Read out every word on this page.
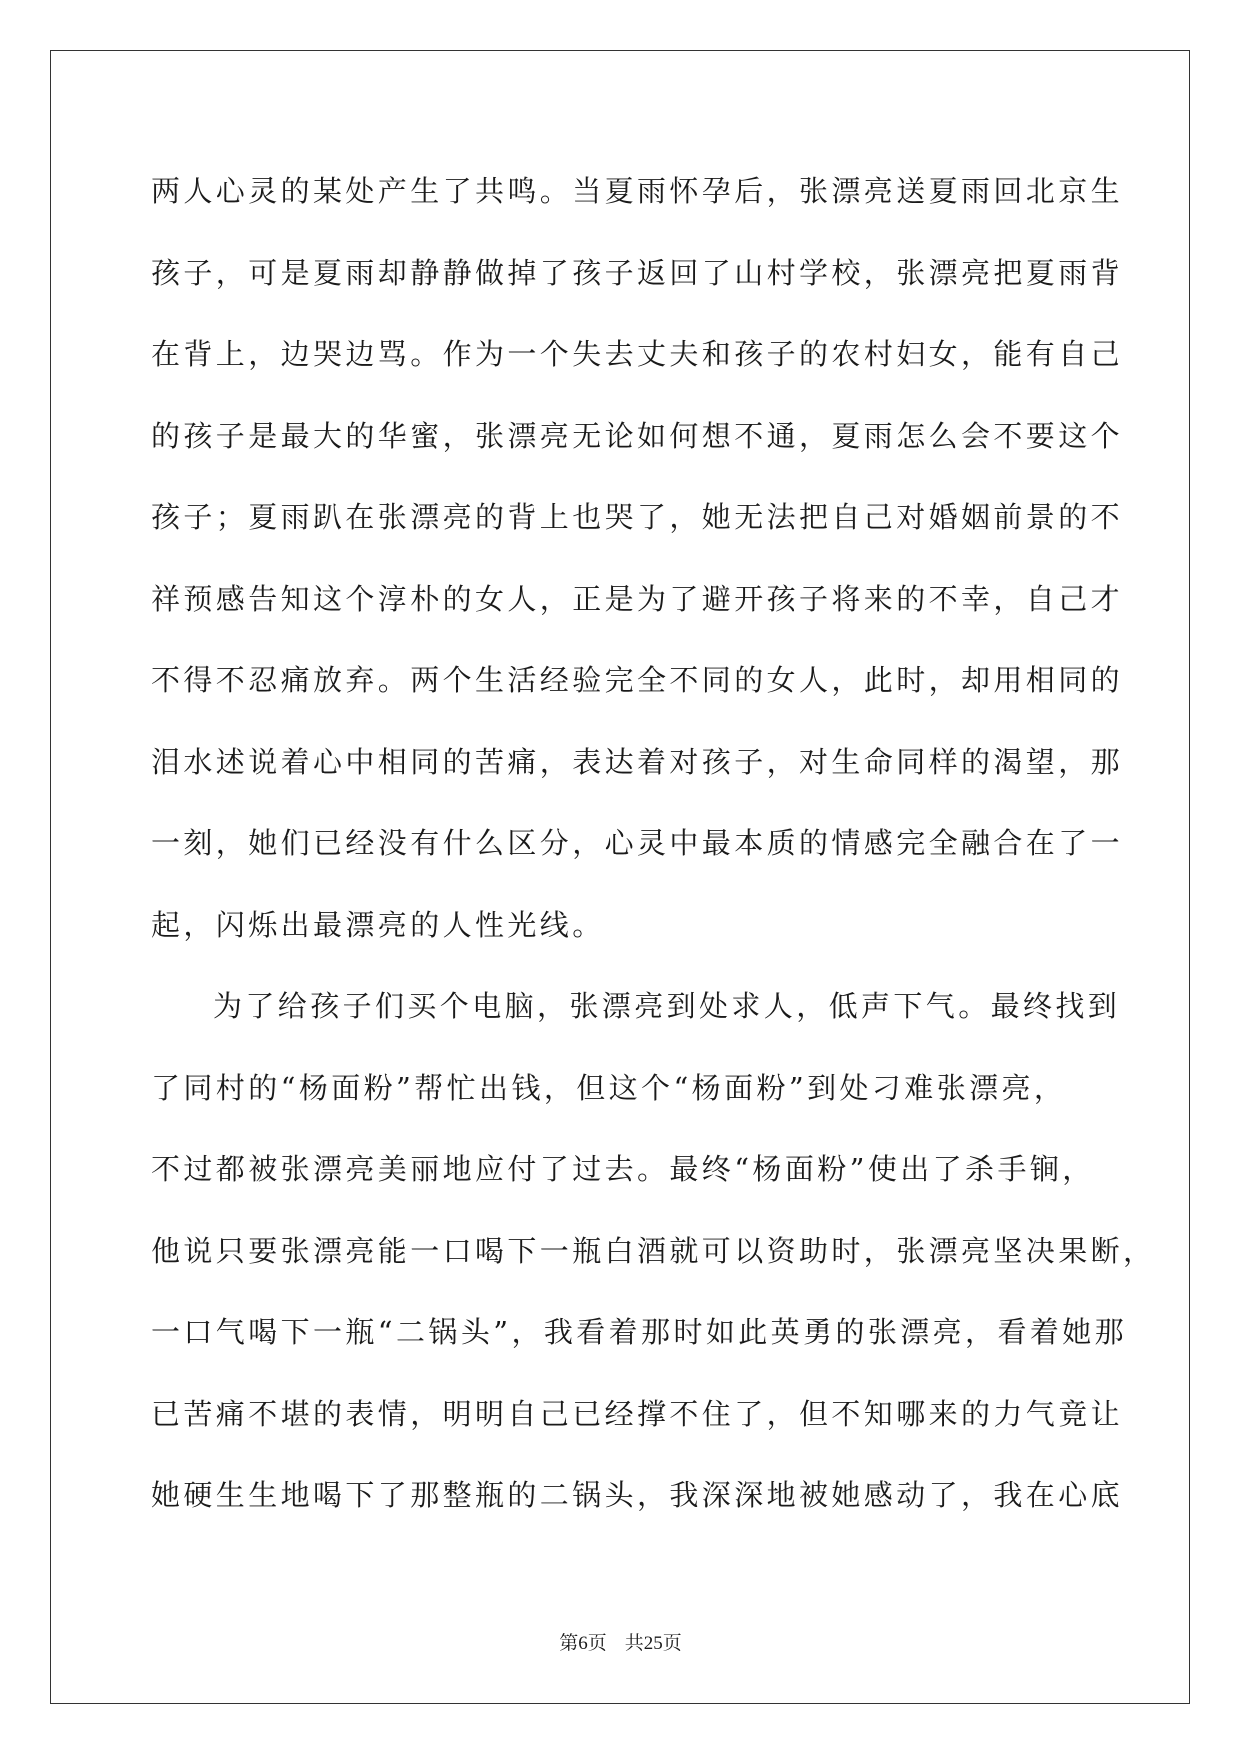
两人心灵的某处产生了共鸣。当夏雨怀孕后，张漂亮送夏雨回北京生
孩子，可是夏雨却静静做掉了孩子返回了山村学校，张漂亮把夏雨背
在背上，边哭边骂。作为一个失去丈夫和孩子的农村妇女，能有自己
的孩子是最大的华蜜，张漂亮无论如何想不通，夏雨怎么会不要这个
孩子；夏雨趴在张漂亮的背上也哭了，她无法把自己对婚姻前景的不
祥预感告知这个淳朴的女人，正是为了避开孩子将来的不幸，自己才
不得不忍痛放弃。两个生活经验完全不同的女人，此时，却用相同的
泪水述说着心中相同的苦痛，表达着对孩子，对生命同样的渴望，那
一刻，她们已经没有什么区分，心灵中最本质的情感完全融合在了一
起，闪烁出最漂亮的人性光线。
为了给孩子们买个电脑，张漂亮到处求人，低声下气。最终找到
了同村的“杨面粉”帮忙出钱，但这个“杨面粉”到处刁难张漂亮，
不过都被张漂亮美丽地应付了过去。最终“杨面粉”使出了杀手锏，
他说只要张漂亮能一口喝下一瓶白酒就可以资助时，张漂亮坚决果断，
一口气喝下一瓶“二锅头”，我看着那时如此英勇的张漂亮，看着她那
已苦痛不堪的表情，明明自己已经撑不住了，但不知哪来的力气竟让
她硬生生地喝下了那整瓶的二锅头，我深深地被她感动了，我在心底
第6页 共25页
